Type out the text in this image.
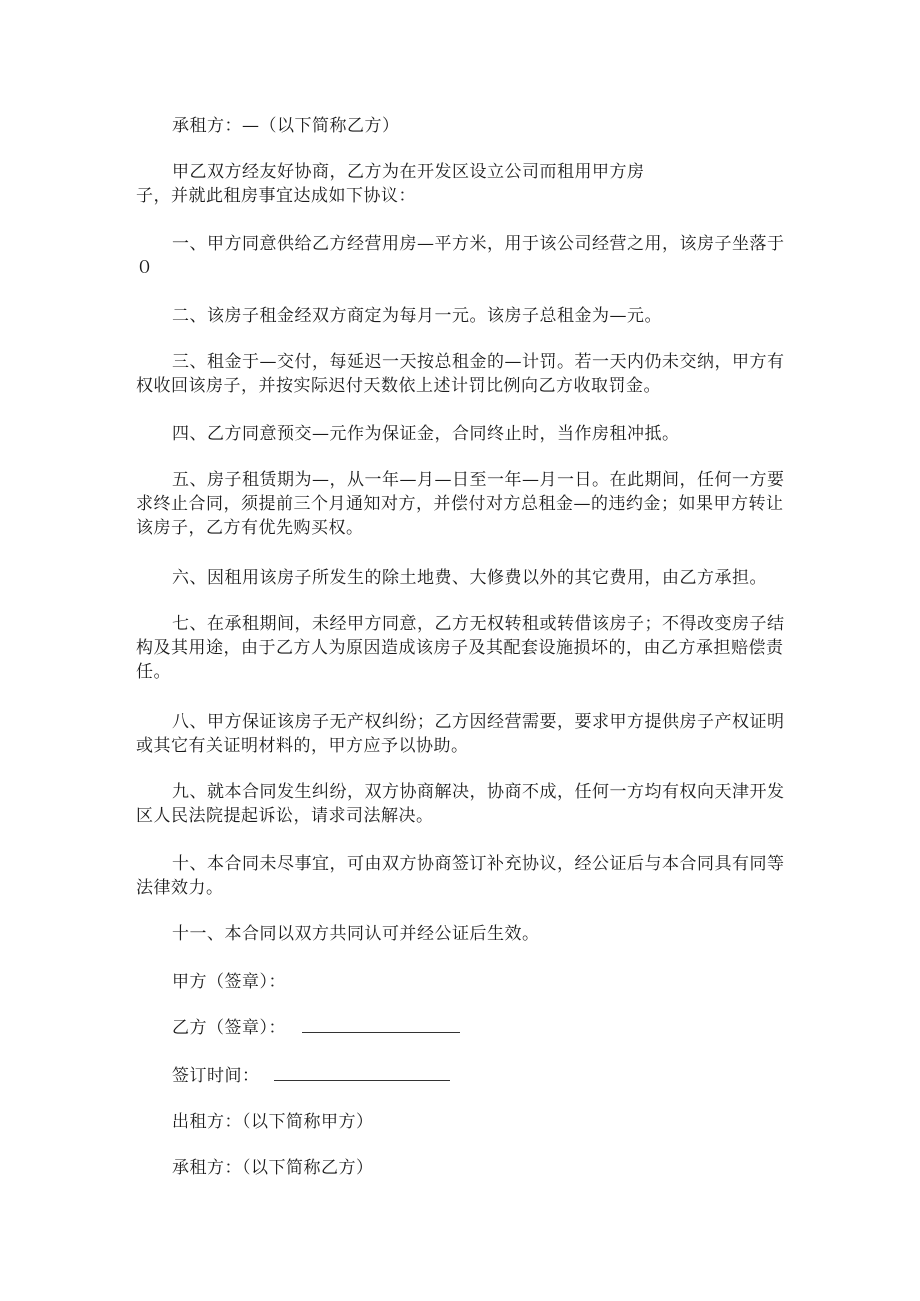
承租方：—（以下简称乙方）

甲乙双方经友好协商，乙方为在开发区设立公司而租用甲方房子，并就此租房事宜达成如下协议：

一、甲方同意供给乙方经营用房—平方米，用于该公司经营之用，该房子坐落于０

二、该房子租金经双方商定为每月一元。该房子总租金为—元。

三、租金于—交付，每延迟一天按总租金的—计罚。若一天内仍未交纳，甲方有权收回该房子，并按实际迟付天数依上述计罚比例向乙方收取罚金。

四、乙方同意预交—元作为保证金，合同终止时，当作房租冲抵。

五、房子租赁期为—，从一年—月—日至一年—月一日。在此期间，任何一方要求终止合同，须提前三个月通知对方，并偿付对方总租金—的违约金；如果甲方转让该房子，乙方有优先购买权。

六、因租用该房子所发生的除土地费、大修费以外的其它费用，由乙方承担。

七、在承租期间，未经甲方同意，乙方无权转租或转借该房子；不得改变房子结构及其用途，由于乙方人为原因造成该房子及其配套设施损坏的，由乙方承担赔偿责任。

八、甲方保证该房子无产权纠纷；乙方因经营需要，要求甲方提供房子产权证明或其它有关证明材料的，甲方应予以协助。

九、就本合同发生纠纷，双方协商解决，协商不成，任何一方均有权向天津开发区人民法院提起诉讼，请求司法解决。

十、本合同未尽事宜，可由双方协商签订补充协议，经公证后与本合同具有同等法律效力。

十一、本合同以双方共同认可并经公证后生效。

甲方（签章）：

乙方（签章）：

签订时间：

出租方：（以下简称甲方）

承租方：（以下简称乙方）
